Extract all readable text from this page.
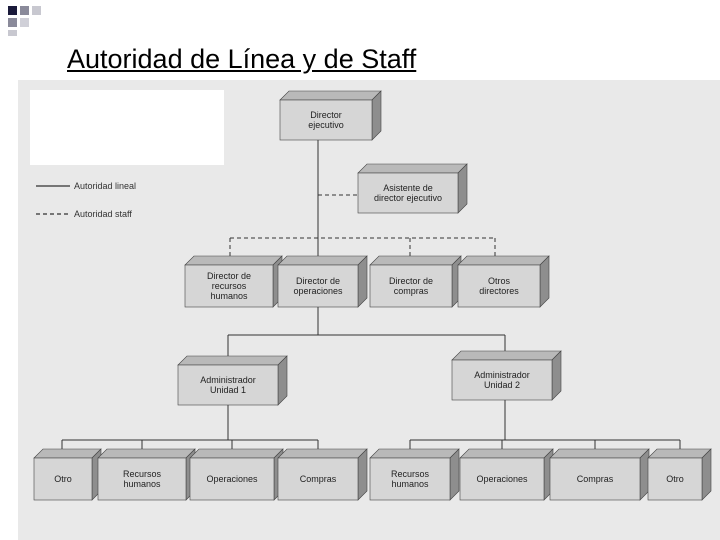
Autoridad de Línea y de Staff
Autoridad lineal
Autoridad staff
Director
ejecutivo
Asistente de
director ejecutivo
Director de
recursos
humanos
Director de
operaciones
Director de
compras
Otros
directores
Administrador
Unidad 1
Administrador
Unidad 2
Otro	Recursos
humanos	Operaciones	Compras	Recursos
humanos	Operaciones	Compras	Otro
